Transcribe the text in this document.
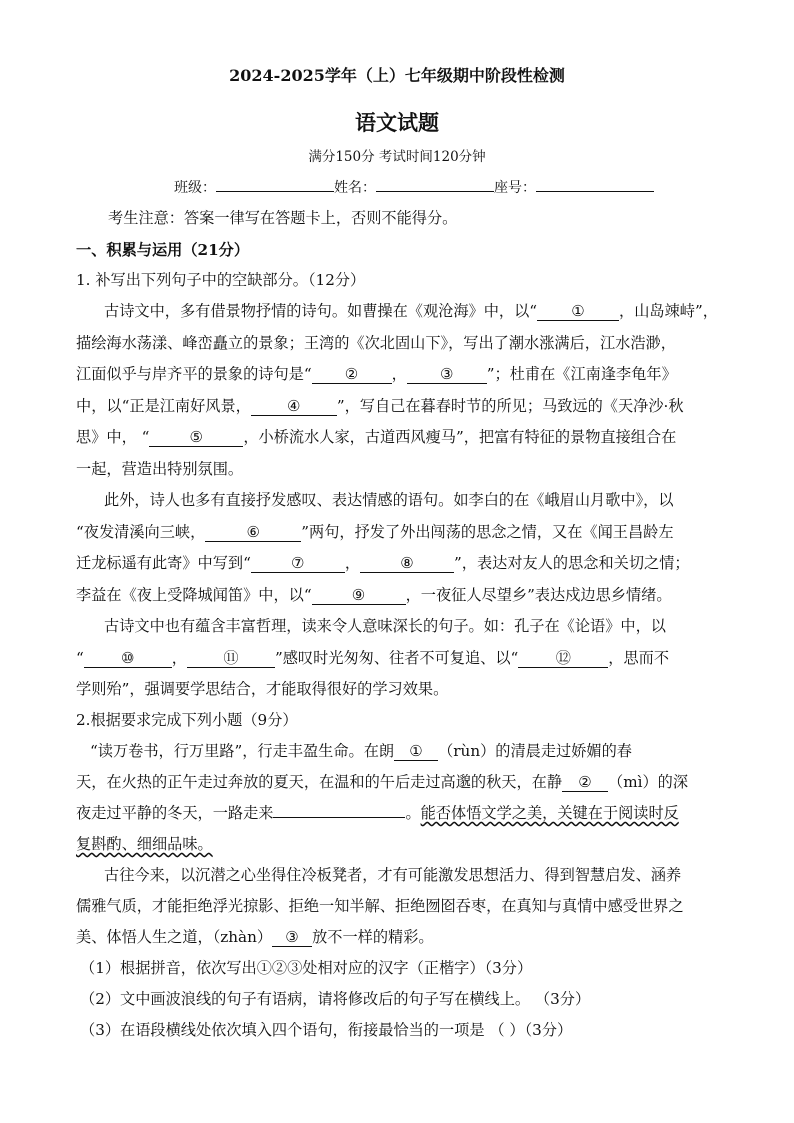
2024-2025学年（上）七年级期中阶段性检测
语文试题
满分150分 考试时间120分钟
班级：	姓名：	座号：
考生注意：答案一律写在答题卡上，否则不能得分。
一、积累与运用（21分）
1. 补写出下列句子中的空缺部分。（12分）
古诗文中，多有借景物抒情的诗句。如曹操在《观沧海》中，以“ ① ，山岛竦峙”，
描绘海水荡漾、峰峦矗立的景象；王湾的《次北固山下》，写出了潮水涨满后，江水浩渺，
江面似乎与岸齐平的景象的诗句是“ ② ， ③ ”；杜甫在《江南逢李龟年》
中，以“正是江南好风景， ④ ”，写自己在暮春时节的所见；马致远的《天净沙·秋
思》中， “	⑤	，小桥流水人家，古道西风瘦马”，把富有特征的景物直接组合在
一起，营造出特别氛围。
此外，诗人也多有直接抒发感叹、表达情感的语句。如李白的在《峨眉山月歌中》，以
“夜发清溪向三峡，	⑥	”两句，抒发了外出闯荡的思念之情，又在《闻王昌龄左
迁龙标遥有此寄》中写到“	⑦	，	⑧	”，表达对友人的思念和关切之情；
李益在《夜上受降城闻笛》中，以“	⑨	，一夜征人尽望乡”表达戍边思乡情绪。
古诗文中也有蕴含丰富哲理，读来令人意味深长的句子。如：孔子在《论语》中，以
“ ⑩ ， ⑪ ”感叹时光匆匆、往者不可复追、以“ ⑫ ，思而不
学则殆”，强调要学思结合，才能取得很好的学习效果。
2.根据要求完成下列小题（9分）
“读万卷书，行万里路”，行走丰盈生命。在朗 ① （rùn）的清晨走过娇媚的春
天，在火热的正午走过奔放的夏天，在温和的午后走过高邈的秋天，在静 ② （mì）的深
夜走过平静的冬天，一路走来	。能否体悟文学之美，关键在于阅读时反
复斟酌、细细品味。
古往今来，以沉潜之心坐得住冷板凳者，才有可能激发思想活力、得到智慧启发、涵养
儒雅气质，才能拒绝浮光掠影、拒绝一知半解、拒绝囫囵吞枣，在真知与真情中感受世界之
美、体悟人生之道，（zhàn） ③ 放不一样的精彩。
（1）根据拼音，依次写出①②③处相对应的汉字（正楷字）（3分）
（2）文中画波浪线的句子有语病，请将修改后的句子写在横线上。 （3分）
（3）在语段横线处依次填入四个语句，衔接最恰当的一项是 （ ）（3分）
